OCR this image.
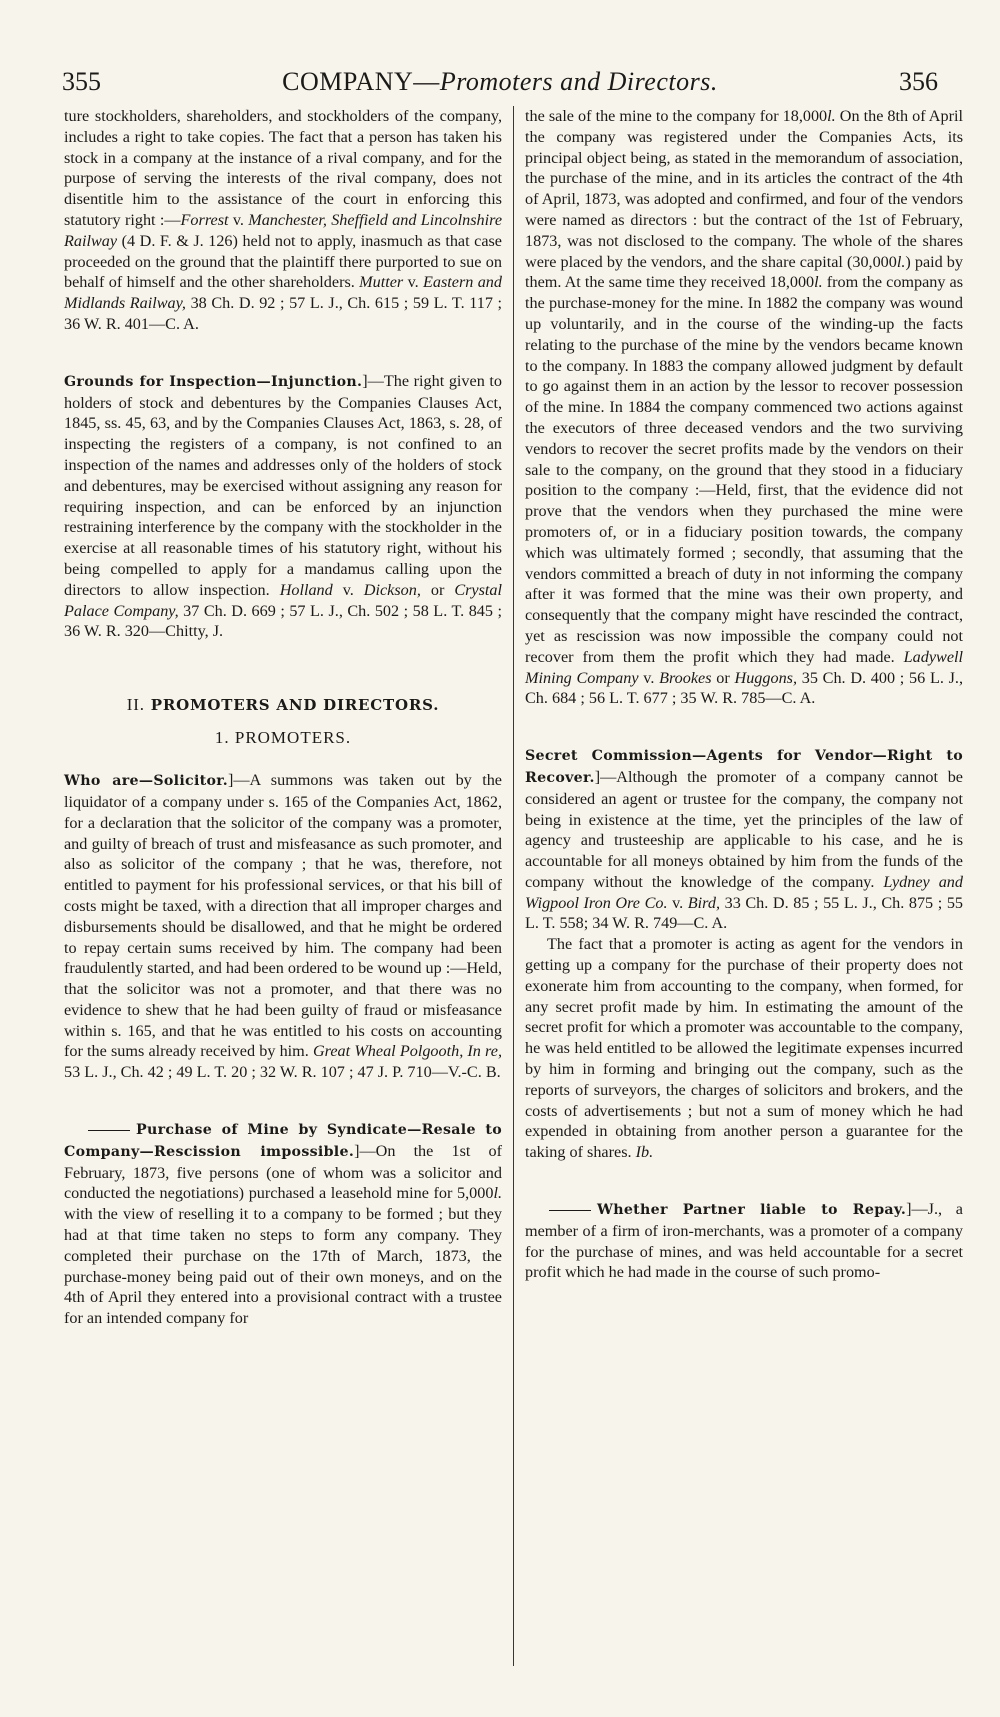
355	COMPANY—Promoters and Directors.	356

ture stockholders, shareholders, and stockholders of the company, includes a right to take copies. The fact that a person has taken his stock in a company at the instance of a rival company, and for the purpose of serving the interests of the rival company, does not disentitle him to the assistance of the court in enforcing this statutory right :—Forrest v. Manchester, Sheffield and Lincolnshire Railway (4 D. F. & J. 126) held not to apply, inasmuch as that case proceeded on the ground that the plaintiff there purported to sue on behalf of himself and the other shareholders. Mutter v. Eastern and Midlands Railway, 38 Ch. D. 92 ; 57 L. J., Ch. 615 ; 59 L. T. 117 ; 36 W. R. 401—C. A.

Grounds for Inspection—Injunction.]—The right given to holders of stock and debentures by the Companies Clauses Act, 1845, ss. 45, 63, and by the Companies Clauses Act, 1863, s. 28, of inspecting the registers of a company, is not confined to an inspection of the names and addresses only of the holders of stock and debentures, may be exercised without assigning any reason for requiring inspection, and can be enforced by an injunction restraining interference by the company with the stockholder in the exercise at all reasonable times of his statutory right, without his being compelled to apply for a mandamus calling upon the directors to allow inspection. Holland v. Dickson, or Crystal Palace Company, 37 Ch. D. 669 ; 57 L. J., Ch. 502 ; 58 L. T. 845 ; 36 W. R. 320—Chitty, J.

II. PROMOTERS AND DIRECTORS.
1. PROMOTERS.

Who are—Solicitor.]—A summons was taken out by the liquidator of a company under s. 165 of the Companies Act, 1862, for a declaration that the solicitor of the company was a promoter, and guilty of breach of trust and misfeasance as such promoter, and also as solicitor of the company ; that he was, therefore, not entitled to payment for his professional services, or that his bill of costs might be taxed, with a direction that all improper charges and disbursements should be disallowed, and that he might be ordered to repay certain sums received by him. The company had been fraudulently started, and had been ordered to be wound up :—Held, that the solicitor was not a promoter, and that there was no evidence to shew that he had been guilty of fraud or misfeasance within s. 165, and that he was entitled to his costs on accounting for the sums already received by him. Great Wheal Polgooth, In re, 53 L. J., Ch. 42 ; 49 L. T. 20 ; 32 W. R. 107 ; 47 J. P. 710—V.-C. B.

Purchase of Mine by Syndicate—Resale to Company—Rescission impossible.]—On the 1st of February, 1873, five persons (one of whom was a solicitor and conducted the negotiations) purchased a leasehold mine for 5,000l. with the view of reselling it to a company to be formed ; but they had at that time taken no steps to form any company. They completed their purchase on the 17th of March, 1873, the purchase-money being paid out of their own moneys, and on the 4th of April they entered into a provisional contract with a trustee for an intended company for

the sale of the mine to the company for 18,000l. On the 8th of April the company was registered under the Companies Acts, its principal object being, as stated in the memorandum of association, the purchase of the mine, and in its articles the contract of the 4th of April, 1873, was adopted and confirmed, and four of the vendors were named as directors : but the contract of the 1st of February, 1873, was not disclosed to the company. The whole of the shares were placed by the vendors, and the share capital (30,000l.) paid by them. At the same time they received 18,000l. from the company as the purchase-money for the mine. In 1882 the company was wound up voluntarily, and in the course of the winding-up the facts relating to the purchase of the mine by the vendors became known to the company. In 1883 the company allowed judgment by default to go against them in an action by the lessor to recover possession of the mine. In 1884 the company commenced two actions against the executors of three deceased vendors and the two surviving vendors to recover the secret profits made by the vendors on their sale to the company, on the ground that they stood in a fiduciary position to the company :—Held, first, that the evidence did not prove that the vendors when they purchased the mine were promoters of, or in a fiduciary position towards, the company which was ultimately formed ; secondly, that assuming that the vendors committed a breach of duty in not informing the company after it was formed that the mine was their own property, and consequently that the company might have rescinded the contract, yet as rescission was now impossible the company could not recover from them the profit which they had made. Ladywell Mining Company v. Brookes or Huggons, 35 Ch. D. 400 ; 56 L. J., Ch. 684 ; 56 L. T. 677 ; 35 W. R. 785—C. A.

Secret Commission—Agents for Vendor—Right to Recover.]—Although the promoter of a company cannot be considered an agent or trustee for the company, the company not being in existence at the time, yet the principles of the law of agency and trusteeship are applicable to his case, and he is accountable for all moneys obtained by him from the funds of the company without the knowledge of the company. Lydney and Wigpool Iron Ore Co. v. Bird, 33 Ch. D. 85 ; 55 L. J., Ch. 875 ; 55 L. T. 558; 34 W. R. 749—C. A.

The fact that a promoter is acting as agent for the vendors in getting up a company for the purchase of their property does not exonerate him from accounting to the company, when formed, for any secret profit made by him. In estimating the amount of the secret profit for which a promoter was accountable to the company, he was held entitled to be allowed the legitimate expenses incurred by him in forming and bringing out the company, such as the reports of surveyors, the charges of solicitors and brokers, and the costs of advertisements ; but not a sum of money which he had expended in obtaining from another person a guarantee for the taking of shares. Ib.

Whether Partner liable to Repay.]—J., a member of a firm of iron-merchants, was a promoter of a company for the purchase of mines, and was held accountable for a secret profit which he had made in the course of such promo-
